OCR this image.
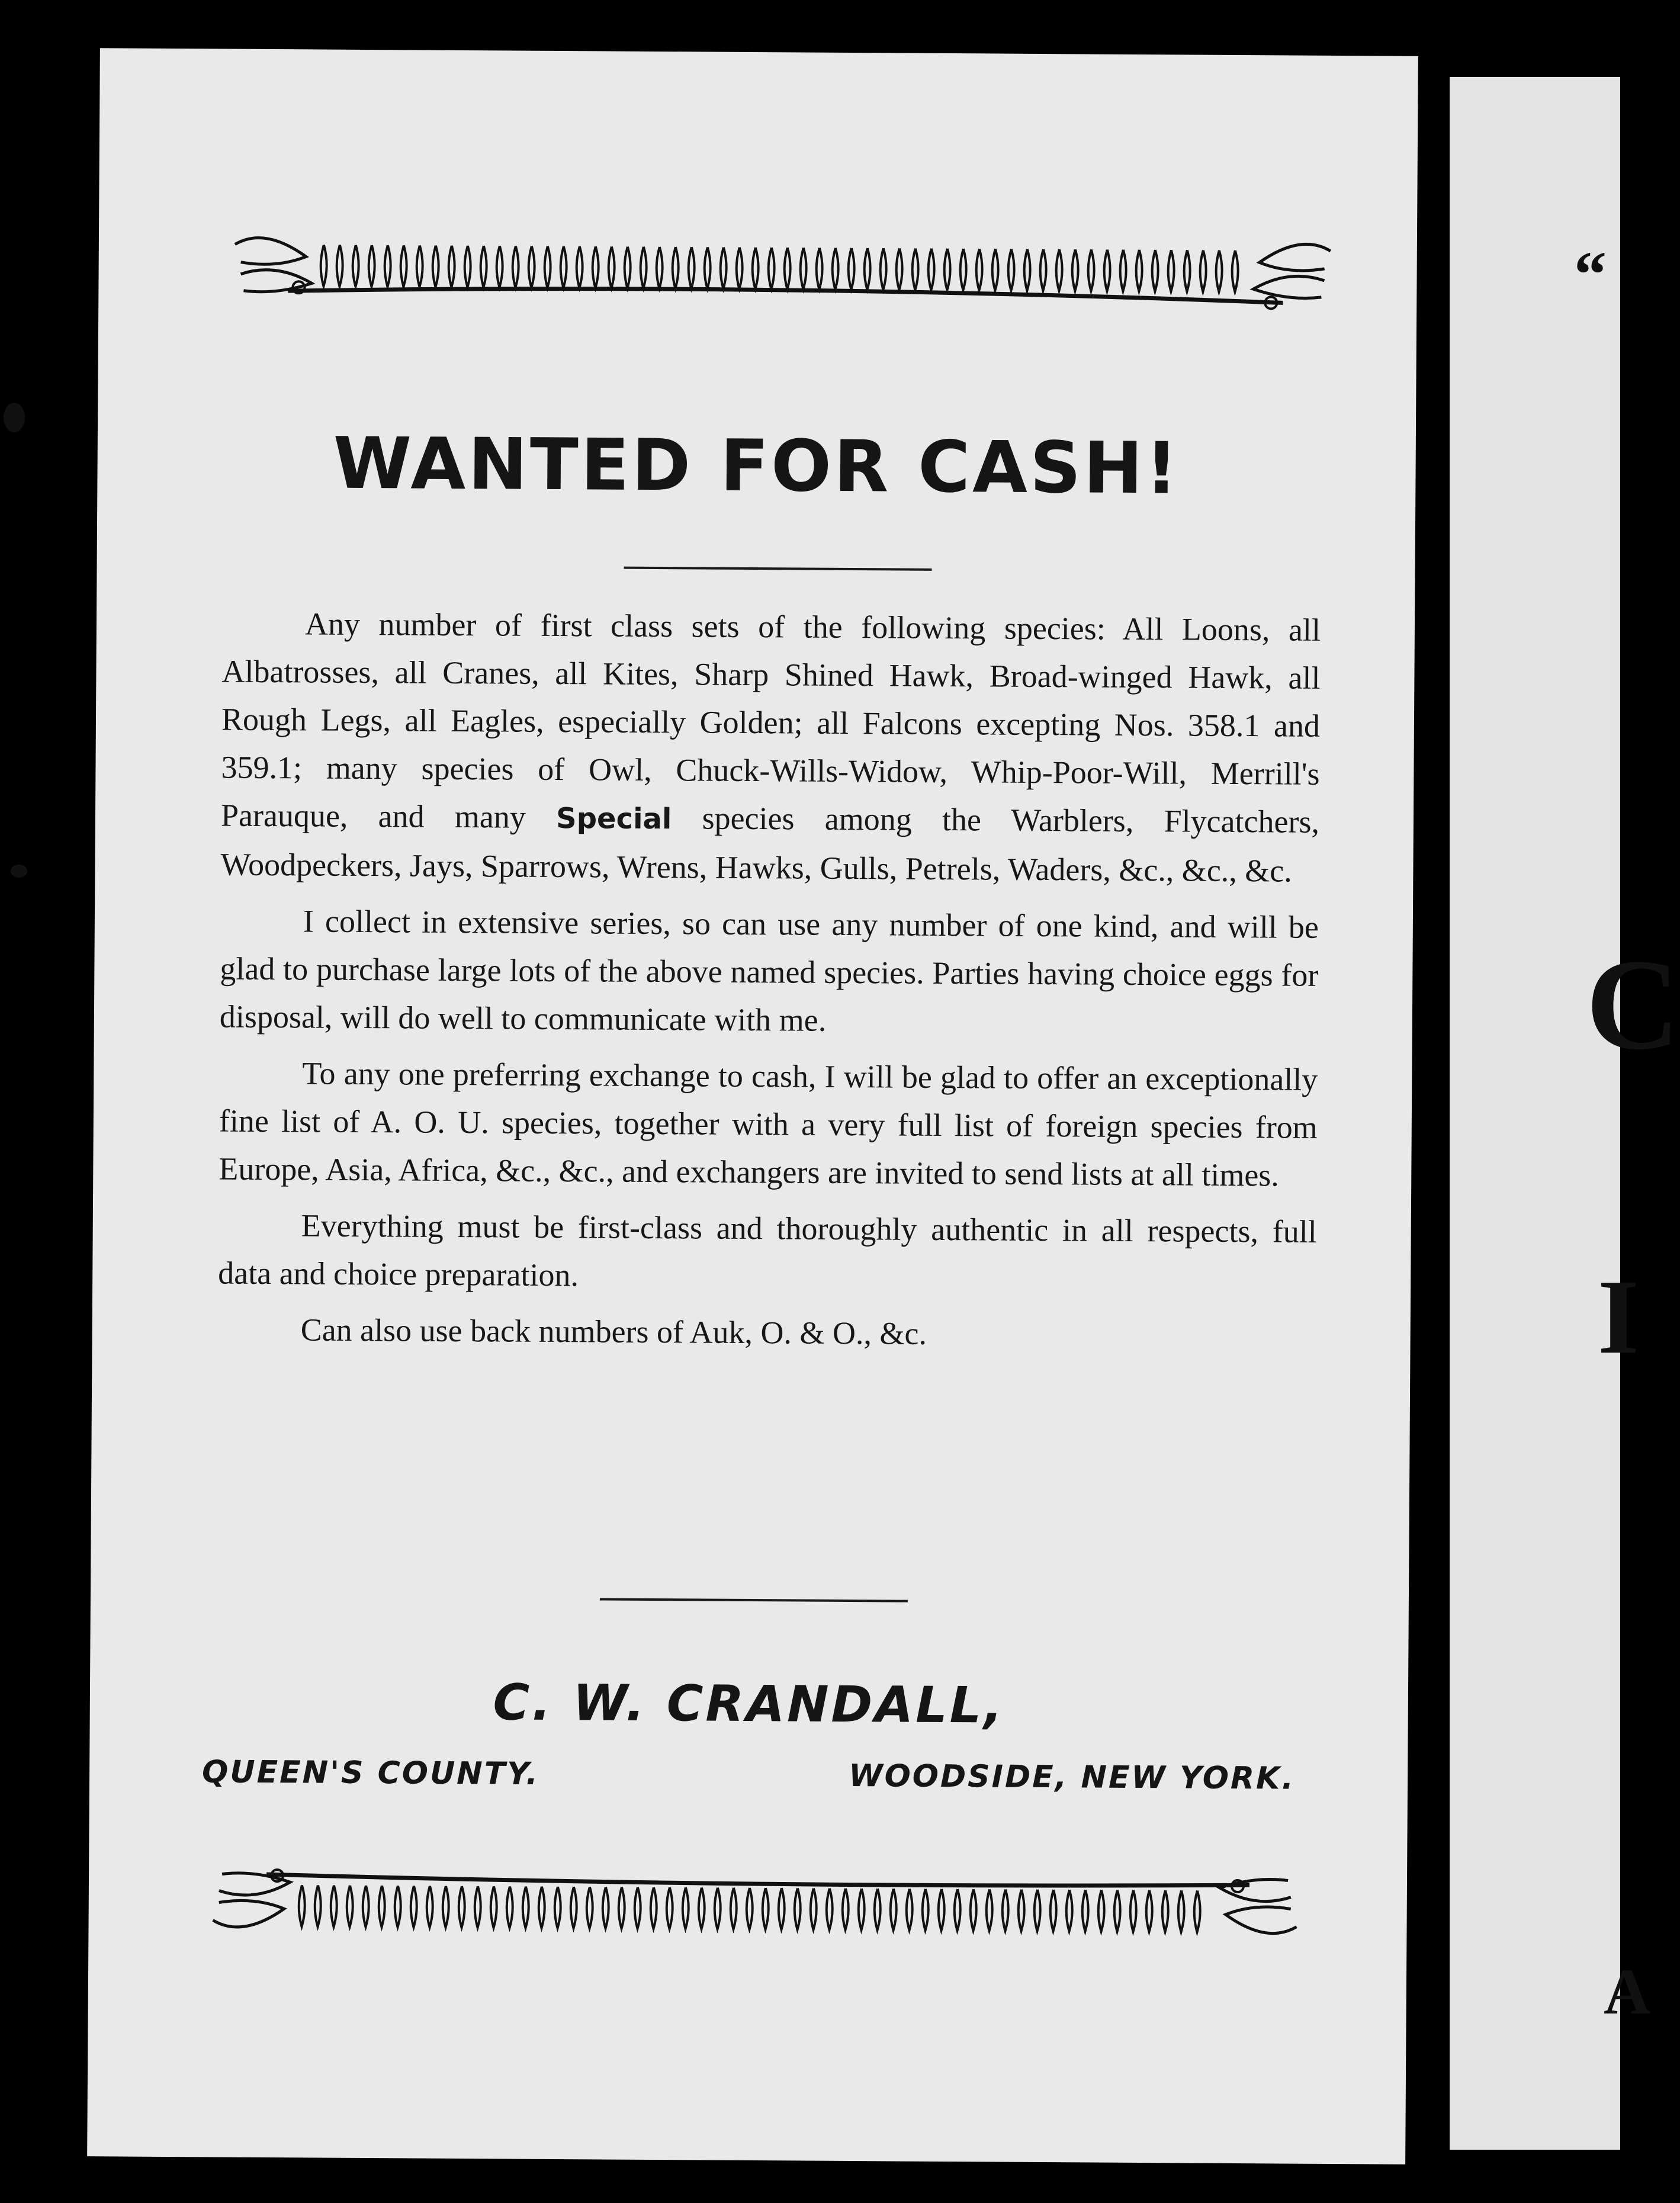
WANTED FOR CASH!

Any number of first class sets of the following species: All Loons, all Albatrosses, all Cranes, all Kites, Sharp Shined Hawk, Broad-winged Hawk, all Rough Legs, all Eagles, especially Golden; all Falcons excepting Nos. 358.1 and 359.1; many species of Owl, Chuck-Wills-Widow, Whip-Poor-Will, Merrill's Parauque, and many Special species among the Warblers, Flycatchers, Woodpeckers, Jays, Sparrows, Wrens, Hawks, Gulls, Petrels, Waders, &c., &c., &c.

I collect in extensive series, so can use any number of one kind, and will be glad to purchase large lots of the above named species. Parties having choice eggs for disposal, will do well to communicate with me.

To any one preferring exchange to cash, I will be glad to offer an exceptionally fine list of A. O. U. species, together with a very full list of foreign species from Europe, Asia, Africa, &c., &c., and exchangers are invited to send lists at all times.

Everything must be first-class and thoroughly authentic in all respects, full data and choice preparation.

Can also use back numbers of Auk, O. & O., &c.

C. W. CRANDALL,
QUEEN'S COUNTY.	WOODSIDE, NEW YORK.
“
C
I
A
